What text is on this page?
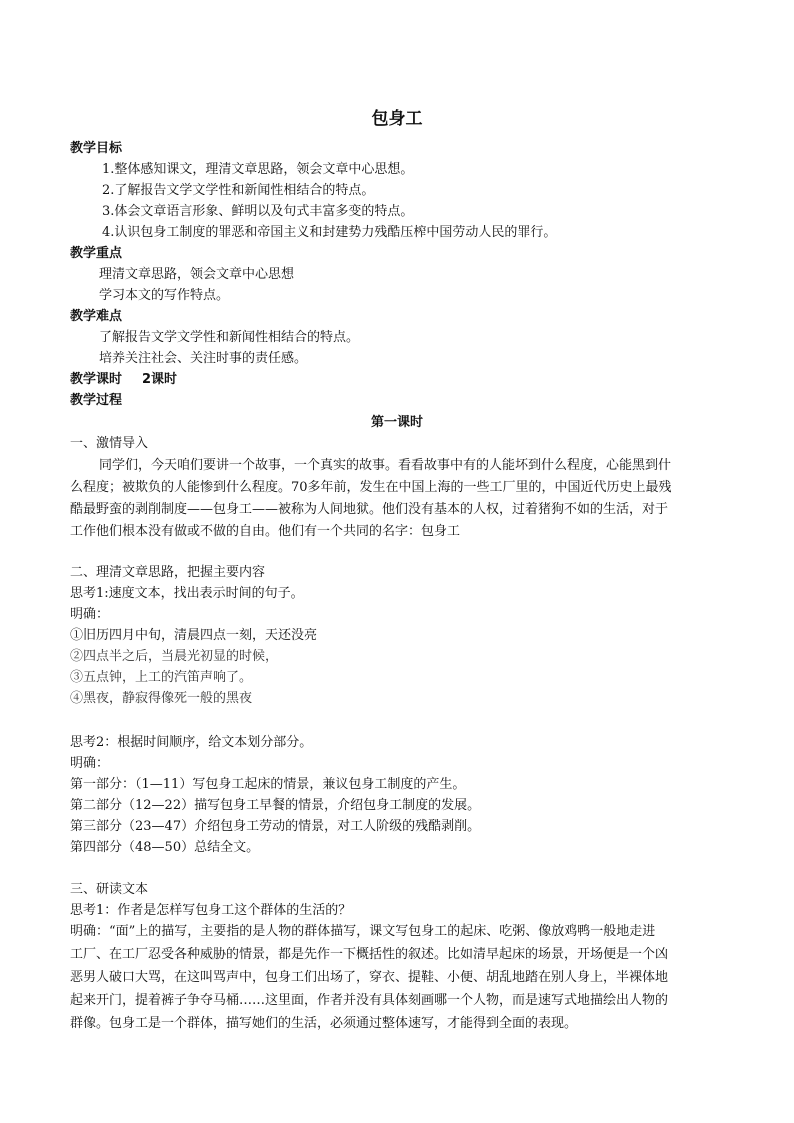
包身工
教学目标
1.整体感知课文，理清文章思路，领会文章中心思想。
2.了解报告文学文学性和新闻性相结合的特点。
3.体会文章语言形象、鲜明以及句式丰富多变的特点。
4.认识包身工制度的罪恶和帝国主义和封建势力残酷压榨中国劳动人民的罪行。
教学重点
理清文章思路，领会文章中心思想
学习本文的写作特点。
教学难点
了解报告文学文学性和新闻性相结合的特点。
培养关注社会、关注时事的责任感。
教学课时 2课时
教学过程
第一课时
一、激情导入
同学们，今天咱们要讲一个故事，一个真实的故事。看看故事中有的人能坏到什么程度，心能黑到什
么程度；被欺负的人能惨到什么程度。70多年前，发生在中国上海的一些工厂里的，中国近代历史上最残
酷最野蛮的剥削制度——包身工——被称为人间地狱。他们没有基本的人权，过着猪狗不如的生活，对于
工作他们根本没有做或不做的自由。他们有一个共同的名字：包身工
二、理清文章思路，把握主要内容
思考1:速度文本，找出表示时间的句子。
明确：
①旧历四月中旬，清晨四点一刻，天还没亮
②四点半之后，当晨光初显的时候，
③五点钟，上工的汽笛声响了。
④黑夜，静寂得像死一般的黑夜
思考2：根据时间顺序，给文本划分部分。
明确：
第一部分：（1—11）写包身工起床的情景，兼议包身工制度的产生。
第二部分（12—22）描写包身工早餐的情景，介绍包身工制度的发展。
第三部分（23—47）介绍包身工劳动的情景，对工人阶级的残酷剥削。
第四部分（48—50）总结全文。
三、研读文本
思考1：作者是怎样写包身工这个群体的生活的？
明确：“面”上的描写，主要指的是人物的群体描写，课文写包身工的起床、吃粥、像放鸡鸭一般地走进
工厂、在工厂忍受各种威胁的情景，都是先作一下概括性的叙述。比如清早起床的场景，开场便是一个凶
恶男人破口大骂，在这叫骂声中，包身工们出场了，穿衣、提鞋、小便、胡乱地踏在别人身上，半裸体地
起来开门，提着裤子争夺马桶……这里面，作者并没有具体刻画哪一个人物，而是速写式地描绘出人物的
群像。包身工是一个群体，描写她们的生活，必须通过整体速写，才能得到全面的表现。
